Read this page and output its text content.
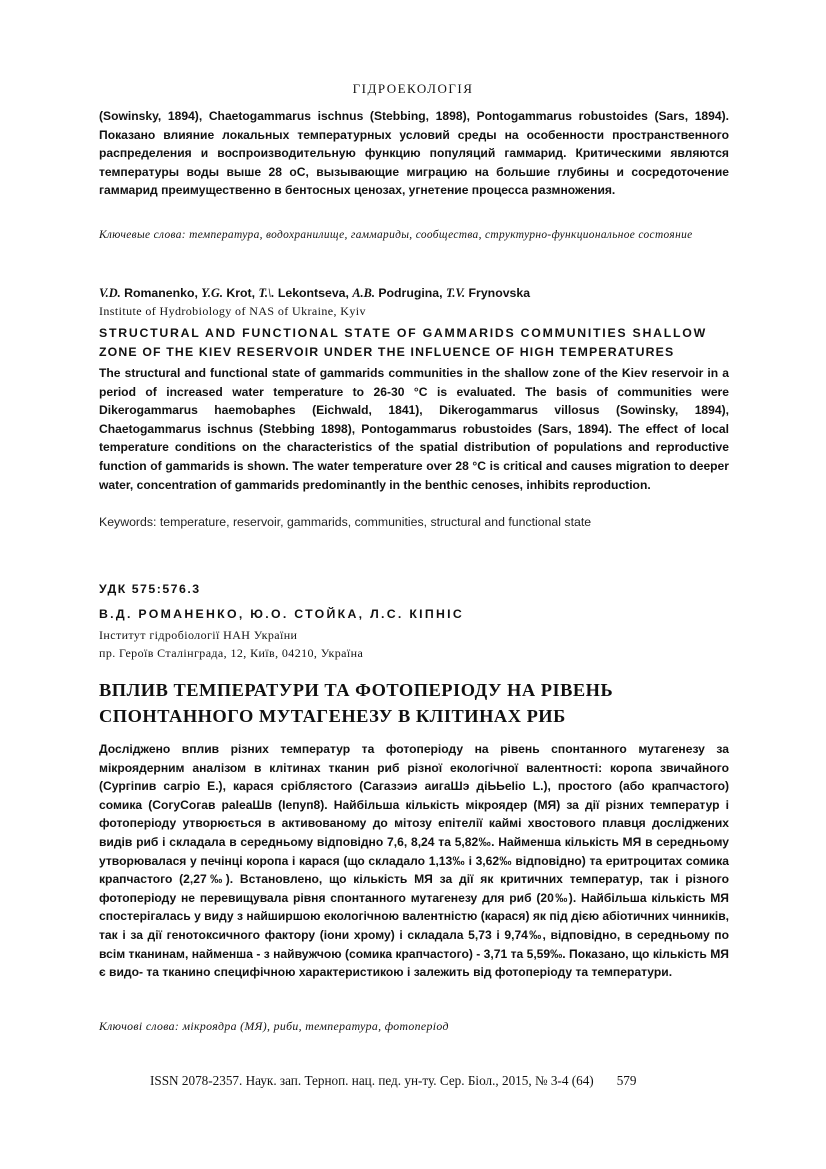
ГІДРОЕКОЛОГІЯ
(Sowinsky, 1894), Chaetogammarus ischnus (Stebbing, 1898), Pontogammarus robustoides (Sars, 1894). Показано влияние локальных температурных условий среды на особенности пространственного распределения и воспроизводительную функцию популяций гаммарид. Критическими являются температуры воды выше 28 оС, вызывающие миграцию на большие глубины и сосредоточение гаммарид преимущественно в бентосных ценозах, угнетение процесса размножения.
Ключевые слова: температура, водохранилище, гаммариды, сообщества, структурно-функциональное состояние
V.D. Romanenko, Y.G. Krot, T.\. Lekontseva, A.B. Podrugina, T.V. Frynovska
Institute of Hydrobiology of NAS of Ukraine, Kyiv
STRUCTURAL AND FUNCTIONAL STATE OF GAMMARIDS COMMUNITIES SHALLOW
ZONE OF THE KIEV RESERVOIR UNDER THE INFLUENCE OF HIGH TEMPERATURES
The structural and functional state of gammarids communities in the shallow zone of the Kiev reservoir in a period of increased water temperature to 26-30 °C is evaluated. The basis of communities were Dikerogammarus haemobaphes (Eichwald, 1841), Dikerogammarus villosus (Sowinsky, 1894), Chaetogammarus ischnus (Stebbing 1898), Pontogammarus robustoides (Sars, 1894). The effect of local temperature conditions on the characteristics of the spatial distribution of populations and reproductive function of gammarids is shown. The water temperature over 28 °C is critical and causes migration to deeper water, concentration of gammarids predominantly in the benthic cenoses, inhibits reproduction.
Keywords: temperature, reservoir, gammarids, communities, structural and functional state
УДК 575:576.3
В.Д. РОМАНЕНКО, Ю.О. СТОЙКА, Л.С. КІПНІС
Інститут гідробіології НАН України
пр. Героїв Сталінграда, 12, Київ, 04210, Україна
ВПЛИВ ТЕМПЕРАТУРИ ТА ФОТОПЕРІОДУ НА РІВЕНЬ СПОНТАННОГО МУТАГЕНЕЗУ В КЛІТИНАХ РИБ
Досліджено вплив різних температур та фотоперіоду на рівень спонтанного мутагенезу за мікроядерним аналізом в клітинах тканин риб різної екологічної валентності: коропа звичайного (Сургіпив сагріо Е.), карася сріблястого (Сагазэиэ аигаШэ діЬЬеІіо L.), простого (або крапчастого) сомика (СогуСогав раІеаШв (Іепуп8). Найбільша кількість мікроядер (МЯ) за дії різних температур і фотоперіоду утворюється в активованому до мітозу епітелії каймі хвостового плавця досліджених видів риб і складала в середньому відповідно 7,6, 8,24 та 5,82‰. Найменша кількість МЯ в середньому утворювалася у печінці коропа і карася (що складало 1,13‰ і 3,62‰ відповідно) та еритроцитах сомика крапчастого (2,27‰). Встановлено, що кількість МЯ за дії як критичних температур, так і різного фотоперіоду не перевищувала рівня спонтанного мутагенезу для риб (20‰). Найбільша кількість МЯ спостерігалась у виду з найширшою екологічною валентністю (карася) як під дією абіотичних чинників, так і за дії генотоксичного фактору (іони хрому) і складала 5,73 і 9,74‰, відповідно, в середньому по всім тканинам, найменша - з найвужчою (сомика крапчастого) - 3,71 та 5,59‰. Показано, що кількість МЯ є видо- та тканино специфічною характеристикою і залежить від фотоперіоду та температури.
Ключові слова: мікроядра (МЯ), риби, температура, фотоперіод
ISSN 2078-2357. Наук. зап. Терноп. нац. пед. ун-ту. Сер. Біол., 2015, № 3-4 (64) 579
